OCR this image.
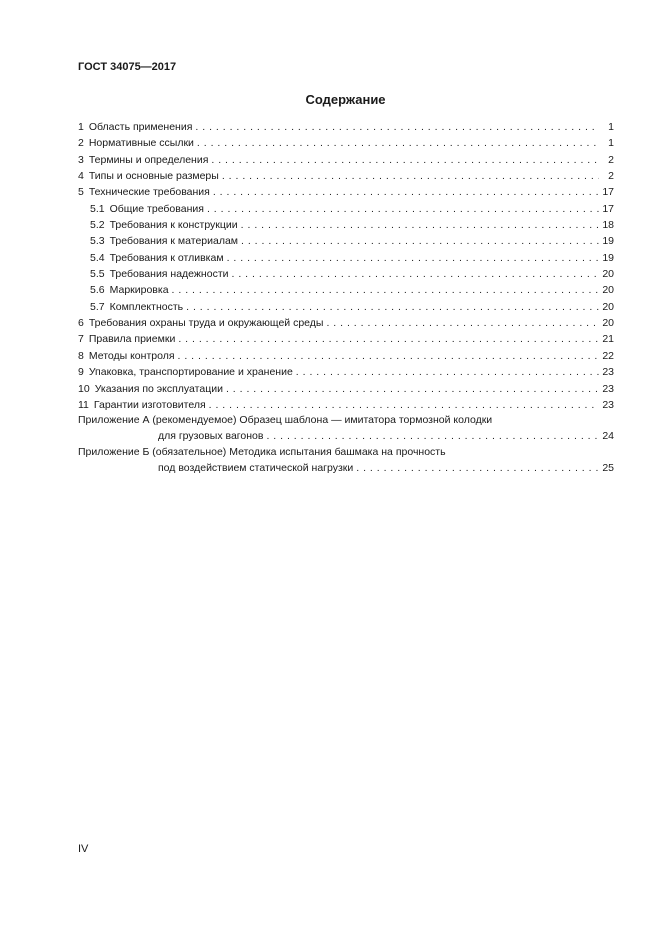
ГОСТ 34075—2017
Содержание
1 Область применения . . .	1
2 Нормативные ссылки . . .	1
3 Термины и определения . . .	2
4 Типы и основные размеры . . .	2
5 Технические требования . . .	17
5.1 Общие требования . . .	17
5.2 Требования к конструкции . . .	18
5.3 Требования к материалам . . .	19
5.4 Требования к отливкам . . .	19
5.5 Требования надежности . . .	20
5.6 Маркировка . . .	20
5.7 Комплектность . . .	20
6 Требования охраны труда и окружающей среды . . .	20
7 Правила приемки . . .	21
8 Методы контроля . . .	22
9 Упаковка, транспортирование и хранение . . .	23
10 Указания по эксплуатации . . .	23
11 Гарантии изготовителя . . .	23
Приложение А (рекомендуемое) Образец шаблона — имитатора тормозной колодки
для грузовых вагонов . . .	24
Приложение Б (обязательное) Методика испытания башмака на прочность
под воздействием статической нагрузки . . .	25
IV
